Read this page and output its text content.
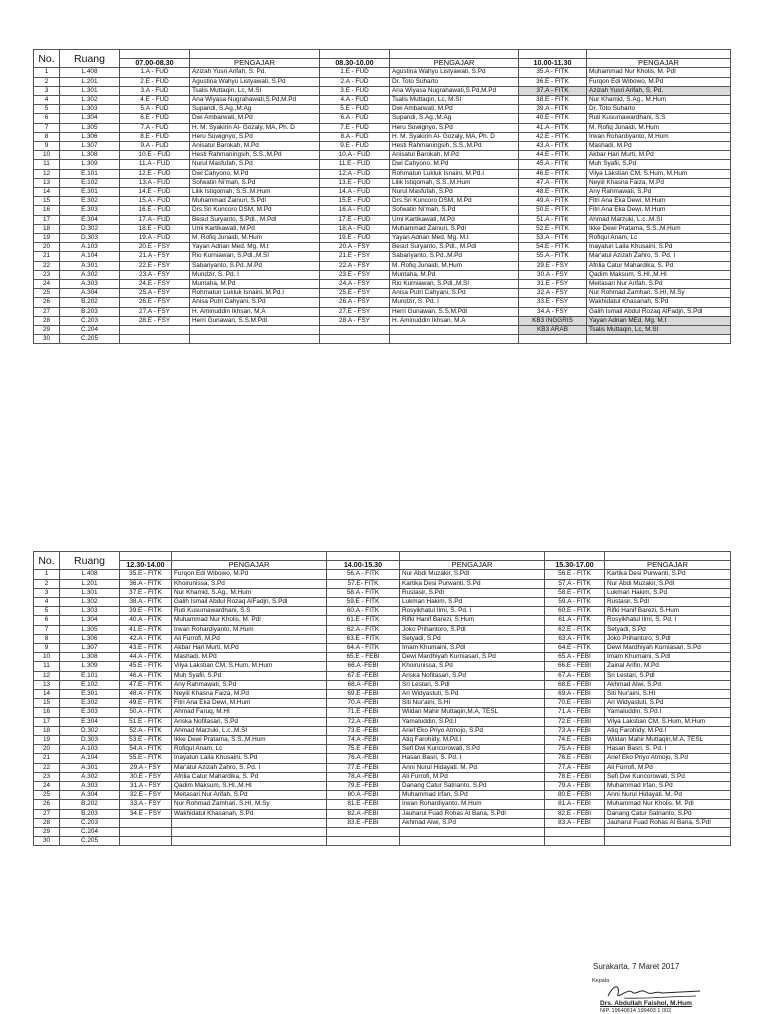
No.	Ruang						
		07.00-08.30	PENGAJAR	08.30-10.00	PENGAJAR	10.00-11.30	PENGAJAR
1	L.408	1.A - FUD	Azizah Yusri Arifah, S. Pd.	1.E - FUD	Agustina Wahyu Listyawati, S.Pd	35.A - FITK	Muhammad Nur Kholis, M. Pdl
2	L.201	2.E - FUD	Agustina Wahyu Listyawati, S.Pd	2.A - FUD	Dr. Toto Suharto	36.E - FITK	Furqon Edi Wibowo, M.Pd
3	L.301	3.A - FUD	Tsalis Muttaqin, Lc, M.SI	3.E - FUD	Ana Wiyasa Nugrahawati,S.Pd,M.Pd	37.A - FITK	Azizah Yusri Arifah, S. Pd.
4	L.302	4.E - FUD	Ana Wiyasa Nugrahawati,S.Pd,M.Pd	4.A - FUD	Tsalis Muttaqin, Lc, M.SI	38.E - FITK	Nur Khamid, S.Ag., M.Hum
5	L.303	5.A - FUD	Supandi, S.Ag.,M.Ag	5.E - FUD	Dwi Ambarwati, M.Pd	39.A - FITK	Dr. Toto Suharto
6	L.304	6.E - FUD	Dwi Ambarwati, M.Pd	6.A - FUD	Supandi, S.Ag.,M.Ag	40.E - FITK	Ruti Kusumawardhani, S.S
7	L.305	7.A - FUD	H. M. Syakirin Al- Gozaly, MA, Ph. D	7.E - FUD	Heru Suwignyo, S.Pd	41.A - FITK	M. Rofiq Junaidi, M.Hum
8	L.306	8.E - FUD	Heru Suwignyo, S.Pd	8.A - FUD	H. M. Syakirin Al- Gozaly, MA, Ph. D	42.E - FITK	Irwan Rohardiyanto, M.Hum
9	L.307	9.A - FUD	Anisatul Barokah, M.Pd	9.E - FUD	Hesti Rahmaningsih, S.S.,M.Pd	43.A - FITK	Mashadi, M.Pd
10	L.308	10.E - FUD	Hesti Rahmaningsih, S.S.,M.Pd	10.A - FUD	Anisatul Barokah, M.Pd	44.E - FITK	Akbar Hari Murti, M.Pd
11	L.309	11.A - FUD	Nurul Masfufah, S.Pd	11.E - FUD	Dwi Cahyono, M.Pd	45.A - FITK	Muh Syafii, S.Pd
12	E.101	12.E - FUD	Dwi Cahyono, M.Pd	12.A - FUD	Rohmatun Lukluk Isnaini, M.Pd.I	46.E - FITK	Vilya Lakstian CM, S.Hum, M.Hum
13	E.102	13.A - FUD	Sofwatin Ni'mah, S.Pd	13.E - FUD	Lilik Istiqomah, S.S.,M.Hum	47.A - FITK	Neyiil Khasna Faiza, M.Pd
14	E.301	14.E - FUD	Lilik Istiqomah, S.S.,M.Hum	14.A - FUD	Nurul Masfufah, S.Pd	48.E - FITK	Any Rahmawati, S.Pd
15	E.302	15.A - FUD	Muhammad Zainuri, S.Pdl	15.E - FUD	Drs.Sri Kuncoro DSM, M.Pd	49.A - FITK	Fitri Ana Eka Dewi, M.Hum
16	E.303	16.E - FUD	Drs.Sri Kuncoro DSM, M.Pd	16.A - FUD	Sofwatin Ni'mah, S.Pd	50.E - FITK	Fitri Ana Eka Dewi, M.Hum
17	E.304	17.A - FUD	Besut Suryanto, S.Pdl., M.Pdl	17.E - FUD	Umi Kartikawati, M.Pd	51.A - FITK	Ahmad Marzuki, L.c.,M.SI
18	D.302	18.E - FUD	Umi Kartikawati, M.Pd	18.A - FUD	Muhammad Zainuri, S.Pdl	52.E - FITK	Ikke Dewi Pratama, S.S.,M.Hum
19	D.303	19.A - FUD	M. Rofiq Junaidi, M.Hum	19.E - FUD	Yayan Adrian Med. Mg. M.t	53.A - FITK	Rofiqul Anam, Lc
20	A.103	20.E - FSY	Yayan Adrian Med. Mg. M.t	20.A - FSY	Besut Suryanto, S.Pdl., M.Pdl	54.E - FITK	Inayatun Laila Khusaini, S.Pd
21	A.104	21.A - FSY	Rio Kurniawan, S.Pdl.,M.SI	21.E - FSY	Sabariyanto, S.Pd.,M.Pd	55.A - FITK	Mar'atul Azizah Zahro, S. Pd. I
22	A.301	22.E - FSY	Sabariyanto, S.Pd.,M.Pd	22.A - FSY	M. Rofiq Junaidi, M.Hum	29.E - FSY	Afrilia Catur Mahardika, S. Pd
23	A.302	23.A - FSY	Mundzir, S. Pd. I	23.E - FSY	Muntaha, M.Pd	30.A - FSY	Qadim Maksum, S.HI.,M.HI
24	A.303	24.E - FSY	Muntaha, M.Pd	24.A - FSY	Rio Kurniawan, S.Pdl.,M.SI	31.E - FSY	Meitasari Nur Arifah, S.Pd
25	A.304	25.A - FSY	Rohmatun Lukluk Isnaini, M.Pd.I	25.E - FSY	Anisa Putri Cahyani, S.Pd	32.A - FSY	Nur Rohmad Zamhari, S.HI, M.Sy
26	B.202	26.E - FSY	Anisa Putri Cahyani, S.Pd	26.A - FSY	Mundzir, S. Pd. I	33.E - FSY	Wakhidatul Khasanah, S.Pd
27	B.203	27.A - FSY	H. Aminuddin Ikhsan, M.A	27.E - FSY	Herri Gunawan, S.S,M.Pdl	34.A - FSY	Galih Ismail Abdul Rozaq AlFadjri, S.Pdl
28	C.203	28.E - FSY	Herri Gunawan, S.S,M.Pdl	28.A - FSY	H. Aminuddin Ikhsan, M.A	KB3 INGGRIS	Yayan Adrian MEd. Mg. M.t
29	C.204					KB3 ARAB	Tsalis Muttaqin, Lc, M.SI
30	C.205						
No.	Ruang						
		12.30-14.00	PENGAJAR	14.00-15.30	PENGAJAR	15.30-17.00	PENGAJAR
1	L.408	35.E - FITK	Furqon Edi Wibowo, M.Pd	56.A - FITK	Nur Abdi Muzakir, S.Pdl	56.E - FITK	Kartika Desi Purwanti, S.Pd
2	L.201	36.A - FITK	Khoirunissa, S.Pd	57.E- FITK	Kartika Desi Purwanti, S.Pd	57.A - FITK	Nur Abdi Muzakir, S.Pdl
3	L.301	37.E - FITK	Nur Khamid, S.Ag., M.Hum	58.A - FITK	Rustasir, S.Pdl	58.E - FITK	Lukman Hakim, S.Pd
4	L.302	38.A - FITK	Galih Ismail Abdul Rozaq AlFadjri, S.Pdl	59.E - FITK	Lukman Hakim, S.Pd	59.A - FITK	Rustasir, S.Pdl
5	L.303	39.E - FITK	Ruti Kusumawardhani, S.S	60.A - FITK	Rosyikhatul Ilmi, S. Pd. I	60.E - FITK	Rifki Hanif Barezi, S.Hum
6	L.304	40.A - FITK	Muhammad Nur Kholis, M. Pdl	61.E - FITK	Rifki Hanif Barezi, S.Hum	61.A - FITK	Rosyikhatul Ilmi, S. Pd. I
7	L.305	41.E - FITK	Irwan Rohardiyanto, M.Hum	62.A - FITK	Joko Prihantoro, S.Pdl	62.E - FITK	Setyadi, S.Pd
8	L.306	42.A - FITK	Ali Furrofi, M.Pd	63.E - FITK	Setyadi, S.Pd	63.A - FITK	Joko Prihantoro, S.Pdl
9	L.307	43.E - FITK	Akbar Hari Murti, M.Pd	64.A - FITK	Imam Khumaini, S.Pdl	64.E - FITK	Dewi Mardhiyah Kurniasari, S.Pd
10	L.308	44.A - FITK	Mashadi, M.Pd	65.E - FEBI	Dewi Mardhiyah Kurniasari, S.Pd	65.A - FEBI	Imam Khumaini, S.Pdl
11	L.309	45.E - FITK	Vilya Lakstian CM, S.Hum, M.Hum	66.A -FEBI	Khoirunissa, S.Pd	66.E - FEBI	Zainal Arifin, M.Pd
12	E.101	46.A - FITK	Muh Syafii, S.Pd	67.E -FEBI	Ariska Nofitasari, S.Pd	67.A - FEBI	Sri Lestari, S.Pdl
13	E.102	47.E - FITK	Any Rahmawati, S.Pd	68.A -FEBI	Sri Lestari, S.Pdl	68.E - FEBI	Akhmad Alwi, S.Pd
14	E.301	48.A - FITK	Neyiil Khasna Faiza, M.Pd	69.E -FEBI	Ari Widyastuti, S.Pd	69.A - FEBI	Siti Nur'aini, S.HI
15	E.302	49.E - FITK	Fitri Ana Eka Dewi, M.Hum	70.A -FEBI	Siti Nur'aini, S.HI	70.E - FEBI	Ari Widyastuti, S.Pd
16	E.303	50.A - FITK	Ahmad Faruq, M.HI	71.E -FEBI	Wildan Mahir Muttaqin,M.A, TESL	71.A - FEBI	Yamaluddin, S.Pd.I
17	E.304	51.E - FITK	Ariska Nofitasari, S.Pd	72.A -FEBI	Yamaluddin, S.Pd.I	72.E - FEBI	Vilya Lakstian CM, S.Hum, M.Hum
18	D.302	52.A - FITK	Ahmad Marzuki, L.c.,M.SI	73.E -FEBI	Arief Eko Priyo Atmojo, S.Pd	73.A - FEBI	Atiq Farohidy, M.Pd.I
19	D.303	53.E - FITK	Ikke Dewi Pratama, S.S.,M.Hum	74.A -FEBI	Atiq Farohidy, M.Pd.I	74.E - FEBI	Wildan Mahir Muttaqin,M.A, TESL
20	A.103	54.A - FITK	Rofiqul Anam, Lc	75.E -FEBI	Sefi Dwi Kuncorowati, S.Pd	75.A - FEBI	Hasan Basri, S. Pd. I
21	A.104	55.E - FITK	Inayatun Laila Khusaini, S.Pd	76.A -FEBI	Hasan Basri, S. Pd. I	76.E - FEBI	Arief Eko Priyo Atmojo, S.Pd
22	A.301	29.A - FSY	Mar'atul Azizah Zahro, S. Pd. I	77.E -FEBI	Anni Nurul Hidayati. M. Pd	77.A - FEBI	Ali Furrofi, M.Pd
23	A.302	30.E - FSY	Afrilia Catur Mahardika, S. Pd	78.A -FEBI	Ali Furrofi, M.Pd	78.E - FEBI	Sefi Dwi Kuncorowati, S.Pd
24	A.303	31.A - FSY	Qadim Maksum, S.HI.,M.HI	79.E -FEBI	Danang Catur Satrianto, S.Pd	79.A - FEBI	Muhammad Irfan, S.Pd
25	A.304	32.E - FSY	Meitasari Nur Arifah, S.Pd	80.A -FEBI	Muhammad Irfan, S.Pd	80.E - FEBI	Anni Nurul Hidayati. M. Pd
26	B.202	33.A - FSY	Nur Rohmad Zamhari, S.HI, M.Sy	81.E -FEBI	Irwan Rohardiyanto, M.Hum	81.A - FEBI	Muhammad Nur Kholis, M. Pdl
27	B.203	34.E - FSY	Wakhidatul Khasanah, S.Pd	82.A -FEBI	Jauharul Fuad Rohas Al Bana, S.Pdl	82.E - FEBI	Danang Catur Satrianto, S.Pd
28	C.203			83.E -FEBI	Akhmad Alwi, S.Pd	83.A - FEBI	Jauharul Fuad Rohas Al Bana, S.Pdl
29	C.204						
30	C.205						
Surakarta, 7 Maret 2017
Kepala
Drs. Abdullah Faishol, M.Hum
NIP. 19640614 199403 1 002
